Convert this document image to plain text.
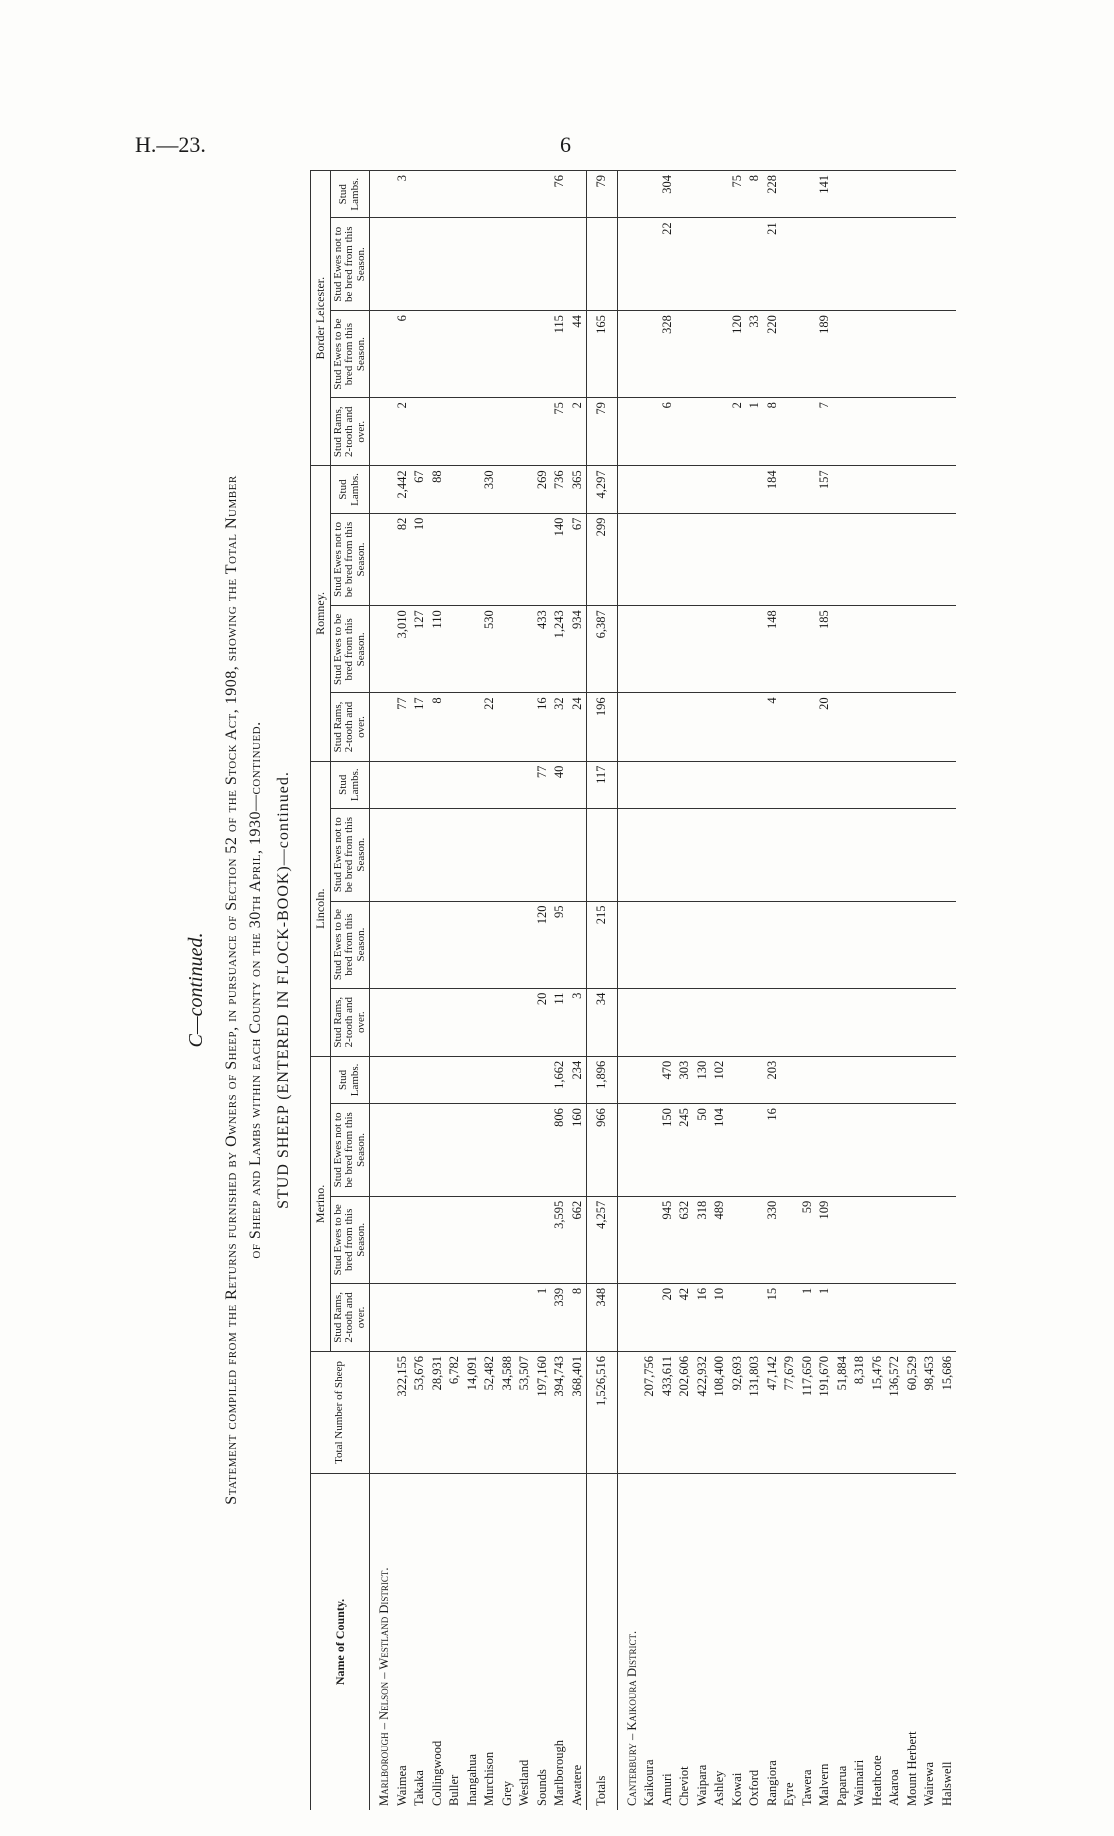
H.—23.	6
C—continued. Statement compiled from the Returns furnished by Owners of Sheep, in pursuance of Section 52 of the Stock Act, 1908, showing the Total Number of Sheep and Lambs within each County on the 30th April, 1930—continued. STUD SHEEP (ENTERED IN FLOCK-BOOK)—continued.
Name of County.	Total Number of Sheep	Merino.				Lincoln.				Romney.				Border Leicester.			
		Stud Rams, 2-tooth and over.	Stud Ewes to be bred from this Season.	Stud Ewes not to be bred from this Season.	Stud Lambs.	Stud Rams, 2-tooth and over.	Stud Ewes to be bred from this Season.	Stud Ewes not to be bred from this Season.	Stud Lambs.	Stud Rams, 2-tooth and over.	Stud Ewes to be bred from this Season.	Stud Ewes not to be bred from this Season.	Stud Lambs.	Stud Rams, 2-tooth and over.	Stud Ewes to be bred from this Season.	Stud Ewes not to be bred from this Season.	Stud Lambs.
Marlborough – Nelson – Westland District.																	
Waimea	322,155									77	3,010	82	2,442	2	6		3
Takaka	53,676									17	127	10	67				
Collingwood	28,931									8	110		88				
Buller	6,782																
Inangahua	14,091																
Murchison	52,482									22	530		330				
Grey	34,588																
Westland	53,507																
Sounds	197,160	1				20	120		77	16	433		269				
Marlborough	394,743	339	3,595	806	1,662	11	95		40	32	1,243	140	736	75	115		76
Awatere	368,401	8	662	160	234	3				24	934	67	365	2	44		
Totals	1,526,516	348	4,257	966	1,896	34	215		117	196	6,387	299	4,297	79	165		79
Canterbury – Kaikoura District.																	
Kaikoura	207,756																
Amuri	433,611	20	945	150	470									6	328	22	304
Cheviot	202,606	42	632	245	303												
Waipara	422,932	16	318	50	130												
Ashley	108,400	10	489	104	102												
Kowai	92,693													2	120		75
Oxford	131,803													1	33		8
Rangiora	47,142	15	330	16	203					4	148		184	8	220	21	228
Eyre	77,679																
Tawera	117,650	1	59														
Malvern	191,670	1	109							20	185		157	7	189		141
Paparua	51,884																
Waimairi	8,318																
Heathcote	15,476																
Akaroa	136,572																
Mount Herbert	60,529																
Wairewa	98,453																
Halswell	15,686																
